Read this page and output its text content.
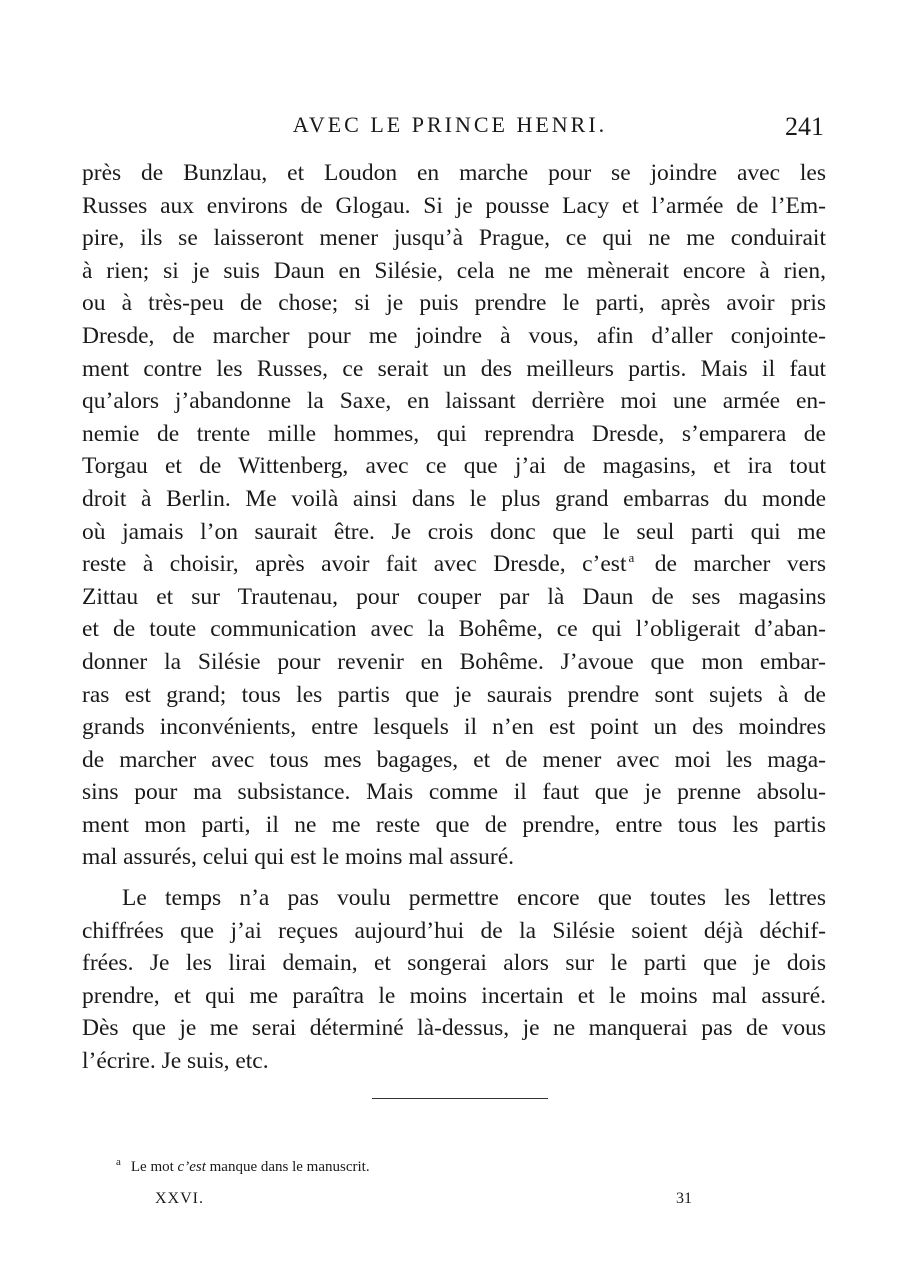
AVEC LE PRINCE HENRI.	241
près de Bunzlau, et Loudon en marche pour se joindre avec les
Russes aux environs de Glogau. Si je pousse Lacy et l’armée de l’Em-
pire, ils se laisseront mener jusqu’à Prague, ce qui ne me conduirait
à rien; si je suis Daun en Silésie, cela ne me mènerait encore à rien,
ou à très-peu de chose; si je puis prendre le parti, après avoir pris
Dresde, de marcher pour me joindre à vous, afin d’aller conjointe-
ment contre les Russes, ce serait un des meilleurs partis. Mais il faut
qu’alors j’abandonne la Saxe, en laissant derrière moi une armée en-
nemie de trente mille hommes, qui reprendra Dresde, s’emparera de
Torgau et de Wittenberg, avec ce que j’ai de magasins, et ira tout
droit à Berlin. Me voilà ainsi dans le plus grand embarras du monde
où jamais l’on saurait être. Je crois donc que le seul parti qui me
reste à choisir, après avoir fait avec Dresde, c’est $^a$ de marcher vers
Zittau et sur Trautenau, pour couper par là Daun de ses magasins
et de toute communication avec la Bohême, ce qui l’obligerait d’aban-
donner la Silésie pour revenir en Bohême. J’avoue que mon embar-
ras est grand; tous les partis que je saurais prendre sont sujets à de
grands inconvénients, entre lesquels il n’en est point un des moindres
de marcher avec tous mes bagages, et de mener avec moi les maga-
sins pour ma subsistance. Mais comme il faut que je prenne absolu-
ment mon parti, il ne me reste que de prendre, entre tous les partis
mal assurés, celui qui est le moins mal assuré.
Le temps n’a pas voulu permettre encore que toutes les lettres
chiffrées que j’ai reçues aujourd’hui de la Silésie soient déjà déchif-
frées. Je les lirai demain, et songerai alors sur le parti que je dois
prendre, et qui me paraîtra le moins incertain et le moins mal assuré.
Dès que je me serai déterminé là-dessus, je ne manquerai pas de vous
l’écrire. Je suis, etc.
$^a$ Le mot c’est manque dans le manuscrit.
XXVI.	31
